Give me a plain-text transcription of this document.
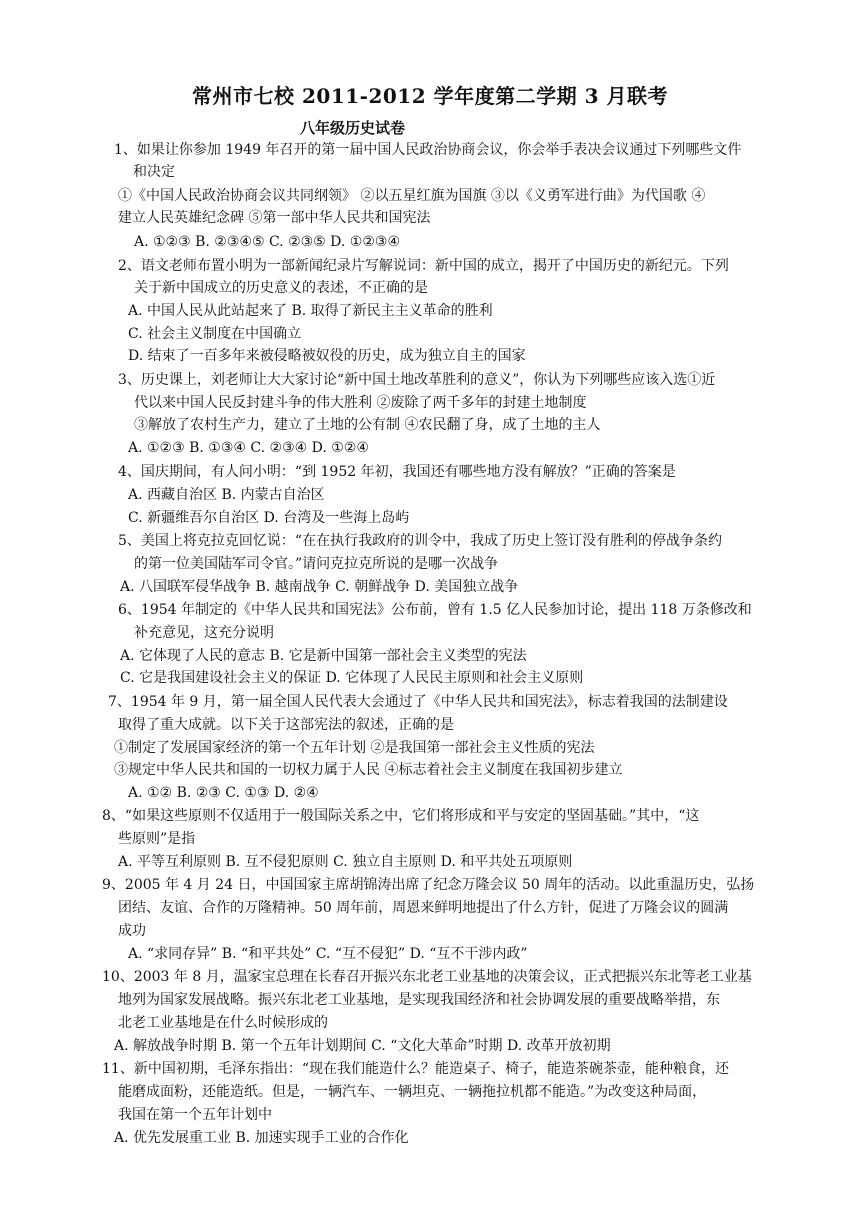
常州市七校 2011-2012 学年度第二学期 3 月联考
八年级历史试卷
1、如果让你参加 1949 年召开的第一届中国人民政治协商会议，你会举手表决会议通过下列哪些文件
和决定
①《中国人民政治协商会议共同纲领》 ②以五星红旗为国旗 ③以《义勇军进行曲》为代国歌 ④
建立人民英雄纪念碑 ⑤第一部中华人民共和国宪法
A. ①②③ B. ②③④⑤ C. ②③⑤ D. ①②③④
2、语文老师布置小明为一部新闻纪录片写解说词：新中国的成立，揭开了中国历史的新纪元。下列
关于新中国成立的历史意义的表述，不正确的是
A. 中国人民从此站起来了 B. 取得了新民主主义革命的胜利
C. 社会主义制度在中国确立
D. 结束了一百多年来被侵略被奴役的历史，成为独立自主的国家
3、历史课上，刘老师让大大家讨论“新中国土地改革胜利的意义”，你认为下列哪些应该入选①近
代以来中国人民反封建斗争的伟大胜利 ②废除了两千多年的封建土地制度
③解放了农村生产力，建立了土地的公有制 ④农民翻了身，成了土地的主人
A. ①②③ B. ①③④ C. ②③④ D. ①②④
4、国庆期间，有人问小明：“到 1952 年初，我国还有哪些地方没有解放？”正确的答案是
A. 西藏自治区 B. 内蒙古自治区
C. 新疆维吾尔自治区 D. 台湾及一些海上岛屿
5、美国上将克拉克回忆说：“在在执行我政府的训令中，我成了历史上签订没有胜利的停战争条约
的第一位美国陆军司令官。”请问克拉克所说的是哪一次战争
A. 八国联军侵华战争 B. 越南战争 C. 朝鲜战争 D. 美国独立战争
6、1954 年制定的《中华人民共和国宪法》公布前，曾有 1.5 亿人民参加讨论，提出 118 万条修改和
补充意见，这充分说明
A. 它体现了人民的意志 B. 它是新中国第一部社会主义类型的宪法
C. 它是我国建设社会主义的保证 D. 它体现了人民民主原则和社会主义原则
7、1954 年 9 月，第一届全国人民代表大会通过了《中华人民共和国宪法》，标志着我国的法制建设
取得了重大成就。以下关于这部宪法的叙述，正确的是
①制定了发展国家经济的第一个五年计划 ②是我国第一部社会主义性质的宪法
③规定中华人民共和国的一切权力属于人民 ④标志着社会主义制度在我国初步建立
A. ①② B. ②③ C. ①③ D. ②④
8、“如果这些原则不仅适用于一般国际关系之中，它们将形成和平与安定的坚固基础。”其中，“这
些原则”是指
A. 平等互利原则 B. 互不侵犯原则 C. 独立自主原则 D. 和平共处五项原则
9、2005 年 4 月 24 日，中国国家主席胡锦涛出席了纪念万隆会议 50 周年的活动。以此重温历史，弘扬
团结、友谊、合作的万隆精神。50 周年前，周恩来鲜明地提出了什么方针，促进了万隆会议的圆满
成功
A. “求同存异” B. “和平共处” C. “互不侵犯” D. “互不干涉内政”
10、2003 年 8 月，温家宝总理在长春召开振兴东北老工业基地的决策会议，正式把振兴东北等老工业基
地列为国家发展战略。振兴东北老工业基地，是实现我国经济和社会协调发展的重要战略举措，东
北老工业基地是在什么时候形成的
A. 解放战争时期 B. 第一个五年计划期间 C. “文化大革命”时期 D. 改革开放初期
11、新中国初期，毛泽东指出：“现在我们能造什么？能造桌子、椅子，能造茶碗茶壶，能种粮食，还
能磨成面粉，还能造纸。但是，一辆汽车、一辆坦克、一辆拖拉机都不能造。”为改变这种局面，
我国在第一个五年计划中
A. 优先发展重工业 B. 加速实现手工业的合作化
